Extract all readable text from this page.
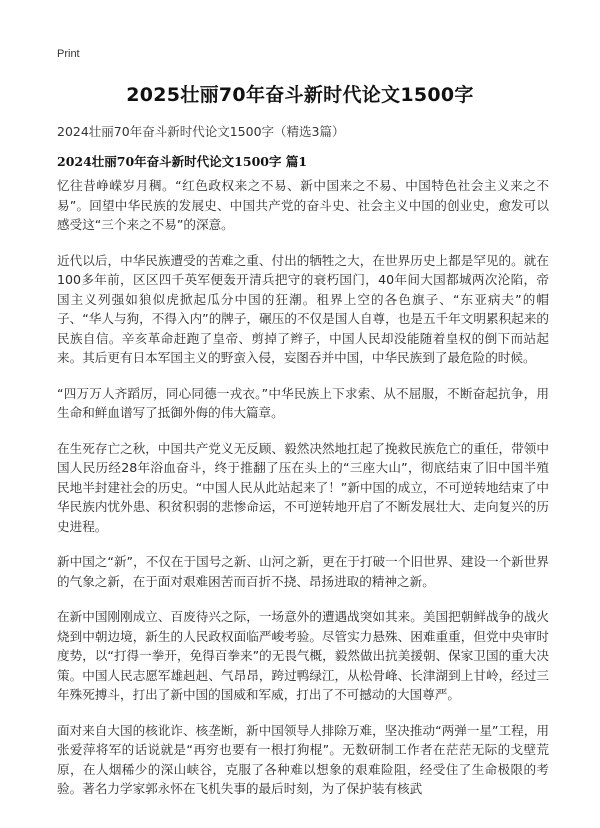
Print
2025壮丽70年奋斗新时代论文1500字
2024壮丽70年奋斗新时代论文1500字（精选3篇）
2024壮丽70年奋斗新时代论文1500字 篇1

忆往昔峥嵘岁月稠。“红色政权来之不易、新中国来之不易、中国特色社会主义来之不易”。回望中华民族的发展史、中国共产党的奋斗史、社会主义中国的创业史，愈发可以感受这“三个来之不易”的深意。

近代以后，中华民族遭受的苦难之重、付出的牺牲之大，在世界历史上都是罕见的。就在100多年前，区区四千英军便轰开清兵把守的衰朽国门，40年间大国都城两次沦陷，帝国主义列强如狼似虎掀起瓜分中国的狂潮。租界上空的各色旗子、“东亚病夫”的帽子、“华人与狗，不得入内”的牌子，碾压的不仅是国人自尊，也是五千年文明累积起来的民族自信。辛亥革命赶跑了皇帝、剪掉了辫子，中国人民却没能随着皇权的倒下而站起来。其后更有日本军国主义的野蛮入侵，妄图吞并中国，中华民族到了最危险的时候。

“四万万人齐蹈厉，同心同德一戎衣。”中华民族上下求索、从不屈服，不断奋起抗争，用生命和鲜血谱写了抵御外侮的伟大篇章。

在生死存亡之秋，中国共产党义无反顾、毅然决然地扛起了挽救民族危亡的重任，带领中国人民历经28年浴血奋斗，终于推翻了压在头上的“三座大山”，彻底结束了旧中国半殖民地半封建社会的历史。“中国人民从此站起来了！”新中国的成立，不可逆转地结束了中华民族内忧外患、积贫积弱的悲惨命运，不可逆转地开启了不断发展壮大、走向复兴的历史进程。

新中国之“新”，不仅在于国号之新、山河之新，更在于打破一个旧世界、建设一个新世界的气象之新，在于面对艰难困苦而百折不挠、昂扬进取的精神之新。

在新中国刚刚成立、百废待兴之际，一场意外的遭遇战突如其来。美国把朝鲜战争的战火烧到中朝边境，新生的人民政权面临严峻考验。尽管实力悬殊、困难重重，但党中央审时度势，以“打得一拳开，免得百拳来”的无畏气概，毅然做出抗美援朝、保家卫国的重大决策。中国人民志愿军雄赳赳、气昂昂，跨过鸭绿江，从松骨峰、长津湖到上甘岭，经过三年殊死搏斗，打出了新中国的国威和军威，打出了不可撼动的大国尊严。

面对来自大国的核讹诈、核垄断，新中国领导人排除万难，坚决推动“两弹一星”工程，用张爱萍将军的话说就是“再穷也要有一根打狗棍”。无数研制工作者在茫茫无际的戈壁荒原，在人烟稀少的深山峡谷，克服了各种难以想象的艰难险阻，经受住了生命极限的考验。著名力学家郭永怀在飞机失事的最后时刻，为了保护装有核武
